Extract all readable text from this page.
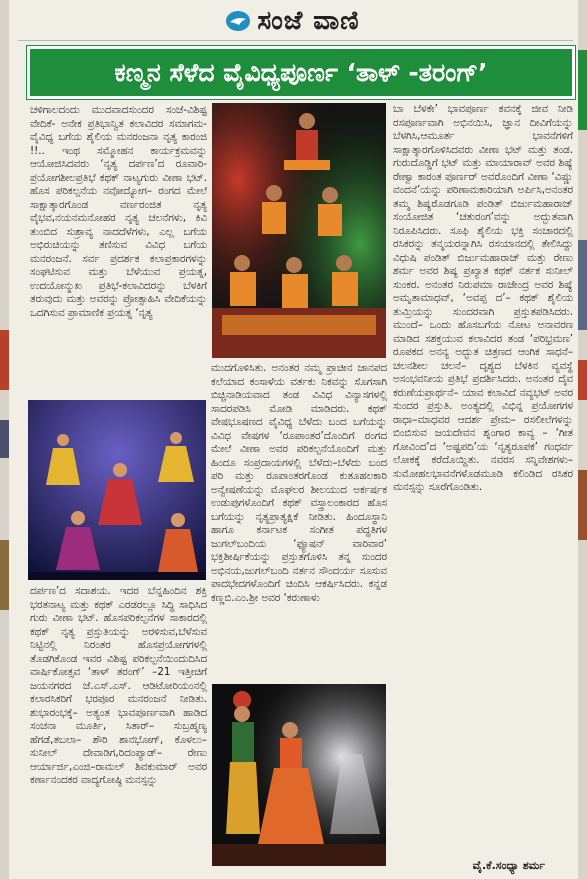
ಸಂಜೆ ವಾಣಿ
ಕಣ್ಮನ ಸೆಳೆದ ವೈವಿಧ್ಯಪೂರ್ಣ ‘ತಾಳ್ -ತರಂಗ್’

ಚಳಿಗಾಲದಂದು ಮುದವಾದಸುಂದರ ಸಂಜೆ-ವಿಶಿಷ್ಟ ವೇದಿಕೆ- ಅನೇಕ ಪ್ರತಿಭಾನ್ವಿತ ಕಲಾವಿದರ ಸಮಾಗಮ- ವೈವಿಧ್ಯ ಬಗೆಯ ಶೈಲಿಯ ಮನರಂಜನಾ ನೃತ್ಯ ಕಾರಂಜಿ !!.. ಇಂಥ ಸಮ್ಮೋಹನ ಕಾರ್ಯಕ್ರಮವನ್ನು ಆಯೋಜಿಸಿದವರು ‘ನೃತ್ಯ ದರ್ಪಣ’ದ ರೂವಾರಿ-ಪ್ರಯೋಗಶೀಲಪ್ರತಿಭೆ ಕಥಕ್ ನಾಟ್ಯಗುರು ವೀಣಾ ಭಟ್. ಹೊಸ ಪರಿಕಲ್ಪನೆಯ ನವೋದ್ಯೋಗ– ರಂಗದ ಮೇಲೆ ಸಾಕ್ಷಾತ್ಕಾರಗೊಂಡ ವರ್ಣರಂಜಿತ ನೃತ್ಯ ವೈಭವ,ನಯನಮನೋಹರ ನೃತ್ಯ ಚಲನೆಗಳು, ಕಿವಿ ತುಂಬಿದ ಸುಶ್ರಾವ್ಯ ನಾದದೆಳೆಗಳು, ಎಲ್ಲ ಬಗೆಯ ಅಭಿರುಚಿಯನ್ನು ತಣಿಸುವ ವಿವಿಧ ಬಗೆಯ ಮನರಂಜನೆ. ಸರ್ವ ಪ್ರದರ್ಶಕ ಕಲಾಪ್ರಕಾರಗಳನ್ನು ಸಂಘಟಿಸುವ ಮತ್ತು ಬೆಳೆಯುವ ಪ್ರಯತ್ನ, ಉದಯೋನ್ಮುಖ ಪ್ರತಿಭೆ-ಕಲಾವಿದರನ್ನು ಬೆಳಕಿಗೆ ತರುವುದು ಮತ್ತು ಅವರನ್ನು ಪ್ರೋತ್ಸಾಹಿಸಿ ವೇದಿಕೆಯನ್ನು ಒದಗಿಸುವ ಪ್ರಾಮಾಣಿಕ ಪ್ರಯತ್ನ ‘ನೃತ್ಯ

ದರ್ಪಣ’ದ ಸದಾಶಯ. ಇದರ ಬೆನ್ನಹಿಂದಿನ ಶಕ್ತಿ ಭರತನಾಟ್ಯ ಮತ್ತು ಕಥಕ್ ಎರಡರಲ್ಲೂ ಸಿದ್ಧಿ ಸಾಧಿಸಿದ ಗುರು ವೀಣಾ ಭಟ್. ಹೊಸಪರಿಕಲ್ಪನೆಗಳ ಸಾಕಾರದಲ್ಲಿ ಕಥಕ್ ನೃತ್ಯ ಪ್ರಸ್ತುತಿಯನ್ನು ಅರಳಿಸುವ,ಬೆಳೆಸುವ ನಿಟ್ಟಿನಲ್ಲಿ ನಿರಂತರ ಹೊಸಪ್ರಯೋಗಗಳಲ್ಲಿ ತೊಡಗಿಕೊಂಡ ಇವರ ವಿಶಿಷ್ಟ ಪರಿಕಲ್ಪನೆಯಿಂದುದಿಸಿದ ವಾರ್ಷಿಕೋತ್ಸವ ‘ತಾಳ್ ತರಂಗ್’ –21 ಇತ್ತೀಚಿಗೆ ಜಯನಗರದ ಜೆ.ಎಸ್.ಎಸ್. ಆಡಿಟೋರಿಯಂನಲ್ಲಿ ಕಲಾರಸಿಕರಿಗೆ ಭರಪೂರ ಮನರಂಜನೆ ನೀಡಿತು. ಶುಭಾರಂಭಕ್ಕೆ– ಅತ್ಯಂತ ಭಾವಪೂರ್ಣವಾಗಿ ಹಾಡಿದ ಸಂಚನಾ ಮೂರ್ತಿ, ಸಿತಾರ್– ಸುಬ್ರಹ್ಮಣ್ಯ ಹೆಗಡೆ,ತಬಲಾ– ಶೌರಿ ಶಾನಭೋಗ್, ಕೊಳಲು– ಸುನೀಲ್ ದೇವಾಡಿಗ,ರಿದಂಪ್ಯಾಡ್– ರೇಣು ಆರ್ಯಾರ್ಜಿ,ಎಂಜಿ–ರಾಮಲ್ ಶಿವಕುಮಾರ್ ಅವರ ಕರ್ಣಾನಂದಕರ ವಾದ್ಯಗೋಷ್ಠಿ ಮನಸ್ಸನ್ನು

ಮುದಗೊಳಿಸಿತು. ಅನಂತರ ನಮ್ಮ ಪ್ರಾಚೀನ ಜಾನಪದ ಕಲೆಯಾದ ಕಂಸಾಳೆಯ ವರ್ತಕು ನಿಕವನ್ನು ಸೊಗಸಾಗಿ ಬಿಚ್ಚಿನಾಡಿಯವಾದ ತಂಡ ವಿವಿಧ ವಿನ್ಯಾಸಗಳಲ್ಲಿ ಸಾದರಪಡಿಸಿ ಮೋಡಿ ಮಾಡಿದರು. ಕಥಕ್ ವೇಷಭೂಷಣದ ವೈವಿಧ್ಯ ಬೆಳೆದು ಬಂದ ಬಗೆಯನ್ನು ವಿವಿಧ ವೇಷಗಳ ‘ರೂಪಾಂತರ’ದೊಂದಿಗೆ ರಂಗದ ಮೇಲೆ ವೀಣಾ ಅವರ ಪರಿಕಲ್ಪನೆಯೊಂದಿಗೆ ಮತ್ತು ಹಿಂದೂ ಸಂಪ್ರದಾಯಗಳಲ್ಲಿ ಬೆಳೆದು–ಬೆಳೆದು ಬಂದ ಪರಿ ಮತ್ತು ರೂಪಾಂತರಗೊಂಡ ಕುತೂಹಲಕಾರಿ ಅನ್ವೇಷಣೆಯನ್ನು ಮೊಘಲರ ಶೀಲಯುದ ಅರ್ಕರ್ಷಕ ಉಡುಪುಗಳೊಂದಿಗೆ ಕಥಕ್ ವಸ್ತ್ರಾಲಂಕಾರದ ಹೊಸ ಬಗೆಯನ್ನು ನೃತ್ಯಪ್ರಾತ್ಯಕ್ಷಿಕೆ ನೀಡಿತು. ಹಿಂದೂಸ್ಥಾನಿ ಹಾಗೂ ಕರ್ನಾಟಕ ಸಂಗೀತ ಪದ್ಧತಿಗಳ ಜುಗಲ್‌ಬಂದಿಯ ‘ಫ್ಯೂಷನ್ ವಾರಿವಾರ’ ಭಕ್ತಿಶೀರ್ಷಿಕೆಯನ್ನು ಪ್ರಸ್ತುತಗೊಳಿಸಿ ತನ್ನ ಸುಂದರ ಅಭಿನಯ,ಜುಗಲ್‌ಬಂದಿ ನರ್ತನ ಸೌಂದರ್ಯ ಸೂಸುವ ಪಾದಭೇದಗಳೊಂದಿಗೆ ಚಿಂದಿಸಿ ಆಕರ್ಷಿಸಿದರು. ಕನ್ನಡ ಕಣ್ಣಬಿ.ಎಂ.ಶ್ರೀ ಅವರ ‘ಕರುಣಾಳು

ಬಾ ಬೆಳಕೇ’ ಭಾವಪೂರ್ಣ ಕವನಕ್ಕೆ ಜೀವ ನೀಡಿ ರಸಪೂರ್ಣವಾಗಿ ಅಭಿನಯಿಸಿ, ಜ್ಞಾನ ದೀವಿಗೆಯನ್ನು ಬೆಳಗಿಸಿ,ಆಮೂರ್ತ ಭಾವನೆಗಳಿಗೆ ಸಾಕ್ಷಾತ್ಕಾರಗೊಳಿಸಿದವರು ವೀಣಾ ಭಟ್ ಮತ್ತು ತಂಡ. ಗುರುದೊಡ್ಡಿಗೆ ಭಟ್ ಮತ್ತು ಮಾಯಾರಾವ್ ಅವರ ಶಿಷ್ಯೆ ರೇಣ್ವಾ ಕಾರಂತ ಪೂರ್ಣರ್ ಅವರೊಂದಿಗೆ ವೀಣಾ ‘ವಿಷ್ಣು ವಂದನೆ’ಯನ್ನು ಪರಿಣಾಮಕಾರಿಯಾಗಿ ಅರ್ಪಿಸಿ,ಅನಂತರ ತಮ್ಮ ಶಿಷ್ಯರೊಡಗೂಡಿ ಪಂಡಿತ್ ಬಿರ್ಜುಮಹಾರಾಜ್ ಸಂಯೋಜಿತ ‘ಚತುರಂಗ’ವನ್ನು ಅದ್ಭುತವಾಗಿ ನಿರೂಪಿಸಿದರು. ಸೂಫಿ ಶೈಲಿಯ ಭಕ್ತಿ ಸಂಚಾರದಲ್ಲಿ ರಸಿಕರನ್ನು ತನ್ಮಯರನ್ನಾಗಿಸಿ ರಸಯಾನದಲ್ಲಿ ತೇಲಿಸಿದ್ದು ವಿಧುಷಿ ಪಂಡಿತ್ ಬಿರ್ಜುಮಹಾರಾಜ್ ಮತ್ತು ರೇಣು ಶರ್ಮ ಅವರ ಶಿಷ್ಯ ಪ್ರಖ್ಯಾತ ಕಥಕ್ ನರ್ತಕ ಸುನೀಲ್ ಸುಂಕರ. ಅನಂತರ ನಿರುಪಮಾ ರಾಜೇಂದ್ರ ಅವರ ಶಿಷ್ಯೆ ಅಮೃತಾಮಾಧವ್, ‘ಅವಪ್ಪ ದ’– ಕಥಕ್ ಶೈಲಿಯ ತುಮ್ರಿಯನ್ನು ಸುಂದರವಾಗಿ ಪ್ರಸ್ತುತಪಡಿಸಿದರು. ಮುಂದೆ– ಒಂದು ಹೊಸಬಗೆಯ ನೋಟ ಅನಾವರಣ ಮಾಡಿದ ಸಶಕ್ತಯುವ ಕಲಾವಿದರ ತಂಡ ‘ಪರಿಭ್ರಮಣ’ ರೂಪಕದ ಅನನ್ಯ ಅದ್ಭುತ ಚಿತ್ರಣದ ಆಂಗಿಕ ಸಾಧನೆ– ಚಲನಶೀಲ ಚಲನೆ– ದೃಶ್ಯದ ಬೆಳಕಿನ ವ್ಯವಸ್ಥೆ ಅಸಂಭವನೀಯ ಪ್ರತಿಭೆ ಪ್ರದರ್ಶಿಸಿದರು. ಅನಂತರ ದೈವ ಕರುಣೆಯಪ್ರಾರ್ಥನೆ– ಯಾವ ಕಲಾವಿದೆ ನವ್ಯಭಟ್ ಅವರ ಸುಂದರ ಪ್ರಸ್ತುತಿ. ಅಂತ್ಯದಲ್ಲಿ ವಿಭಿನ್ನ ಪ್ರಯೋಗಗಳ ರಾಧಾ–ಮಾಧವರ ಆದರ್ಶ ಪ್ರೇಮ– ರಸಲೀಲೆಗಳನ್ನು ಬಿಂಬಿಸುವ ಜಯದೇವನ ಶೃಂಗಾರ ಕಾವ್ಯ – ‘ಗೀತ ಗೋವಿಂದ’ದ ‘ಅಷ್ಟಪದಿ’ಯ ‘ನೃತ್ಯರೂಪಕ’ ಗಂಧರ್ವ ಲೋಕಕ್ಕೆ ಕರೆದೊಯ್ದಿತು. ನವರಸ ಸನ್ನಿವೇಶಗಳು– ಸುಮೋಹಲಭಾವನೆಗಳೊಡಮೂಡಿ ಕಲಿಂಡಿದ ರಸಿಕರ ಮನಸ್ಸನ್ನು ಸೂರೆಗೊಂಡಿತು.

ವೈ.ಕೆ.ಸಂಧ್ಯಾ ಶರ್ಮ
